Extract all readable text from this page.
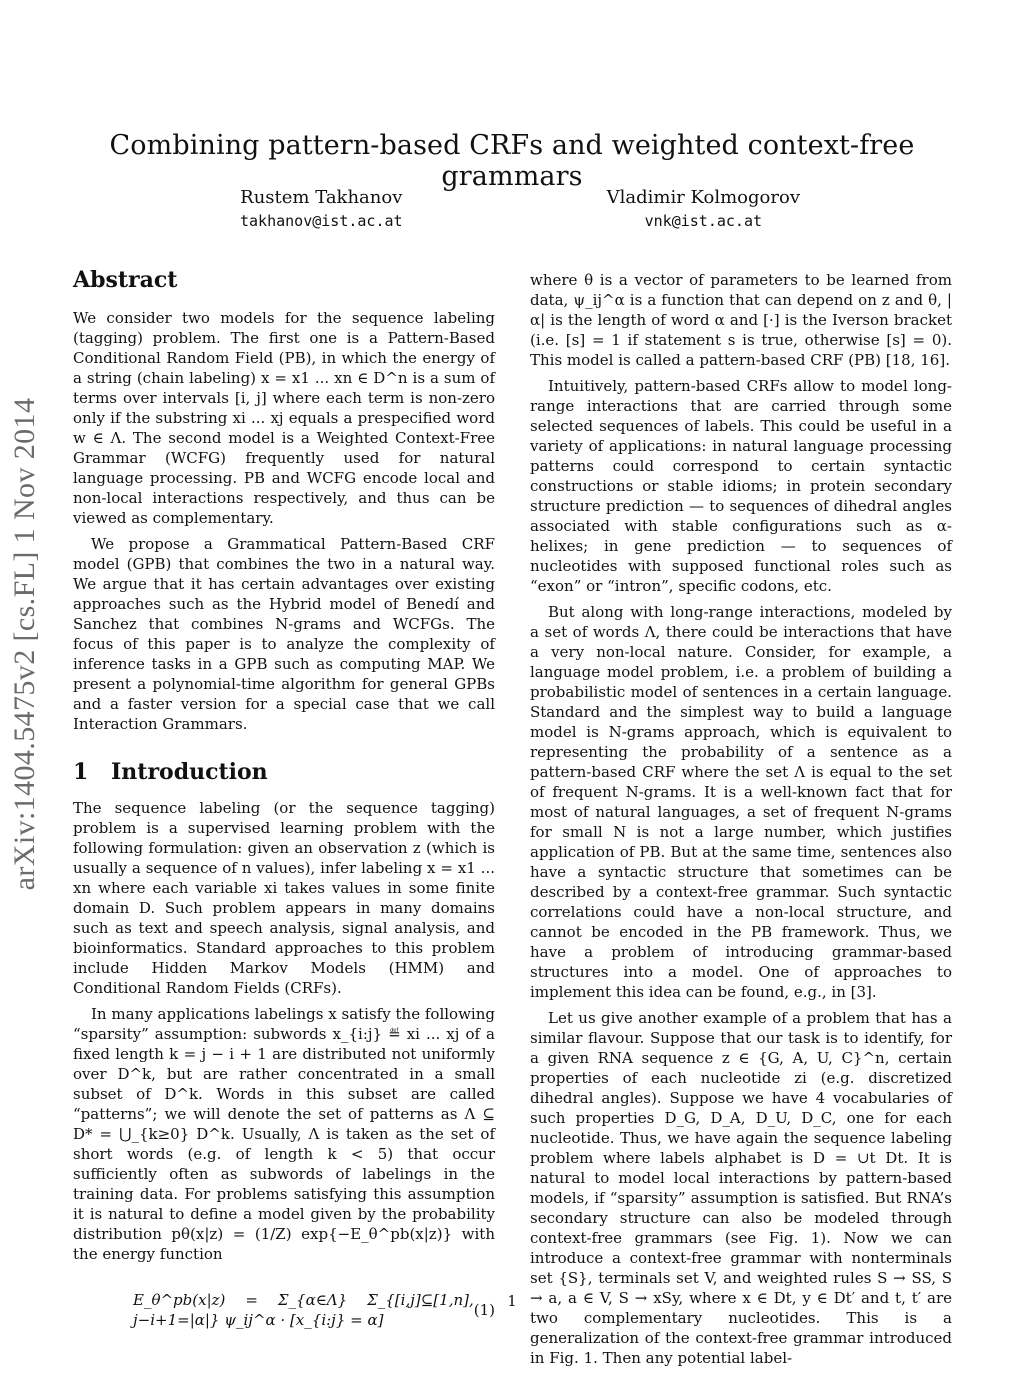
Combining pattern-based CRFs and weighted context-free grammars
Rustem Takhanov
takhanov@ist.ac.at
Vladimir Kolmogorov
vnk@ist.ac.at
arXiv:1404.5475v2 [cs.FL] 1 Nov 2014
Abstract

We consider two models for the sequence labeling (tagging) problem. The first one is a Pattern-Based Conditional Random Field (PB), in which the energy of a string (chain labeling) x = x1 ... xn ∈ D^n is a sum of terms over intervals [i, j] where each term is non-zero only if the substring xi ... xj equals a prespecified word w ∈ Λ. The second model is a Weighted Context-Free Grammar (WCFG) frequently used for natural language processing. PB and WCFG encode local and non-local interactions respectively, and thus can be viewed as complementary.

We propose a Grammatical Pattern-Based CRF model (GPB) that combines the two in a natural way. We argue that it has certain advantages over existing approaches such as the Hybrid model of Benedí and Sanchez that combines N-grams and WCFGs. The focus of this paper is to analyze the complexity of inference tasks in a GPB such as computing MAP. We present a polynomial-time algorithm for general GPBs and a faster version for a special case that we call Interaction Grammars.

1 Introduction

The sequence labeling (or the sequence tagging) problem is a supervised learning problem with the following formulation: given an observation z (which is usually a sequence of n values), infer labeling x = x1 ... xn where each variable xi takes values in some finite domain D. Such problem appears in many domains such as text and speech analysis, signal analysis, and bioinformatics. Standard approaches to this problem include Hidden Markov Models (HMM) and Conditional Random Fields (CRFs).

In many applications labelings x satisfy the following “sparsity” assumption: subwords x_{i:j} ≝ xi ... xj of a fixed length k = j − i + 1 are distributed not uniformly over D^k, but are rather concentrated in a small subset of D^k. Words in this subset are called “patterns”; we will denote the set of patterns as Λ ⊆ D* = ⋃_{k≥0} D^k. Usually, Λ is taken as the set of short words (e.g. of length k < 5) that occur sufficiently often as subwords of labelings in the training data. For problems satisfying this assumption it is natural to define a model given by the probability distribution pθ(x|z) = (1/Z) exp{−E_θ^pb(x|z)} with the energy function

E_θ^pb(x|z) = Σ_{α∈Λ} Σ_{[i,j]⊆[1,n], j−i+1=|α|} ψ_ij^α · [x_{i:j} = α]
(1)

where θ is a vector of parameters to be learned from data, ψ_ij^α is a function that can depend on z and θ, |α| is the length of word α and [·] is the Iverson bracket (i.e. [s] = 1 if statement s is true, otherwise [s] = 0). This model is called a pattern-based CRF (PB) [18, 16].

Intuitively, pattern-based CRFs allow to model long-range interactions that are carried through some selected sequences of labels. This could be useful in a variety of applications: in natural language processing patterns could correspond to certain syntactic constructions or stable idioms; in protein secondary structure prediction — to sequences of dihedral angles associated with stable configurations such as α-helixes; in gene prediction — to sequences of nucleotides with supposed functional roles such as “exon” or “intron”, specific codons, etc.

But along with long-range interactions, modeled by a set of words Λ, there could be interactions that have a very non-local nature. Consider, for example, a language model problem, i.e. a problem of building a probabilistic model of sentences in a certain language. Standard and the simplest way to build a language model is N-grams approach, which is equivalent to representing the probability of a sentence as a pattern-based CRF where the set Λ is equal to the set of frequent N-grams. It is a well-known fact that for most of natural languages, a set of frequent N-grams for small N is not a large number, which justifies application of PB. But at the same time, sentences also have a syntactic structure that sometimes can be described by a context-free grammar. Such syntactic correlations could have a non-local structure, and cannot be encoded in the PB framework. Thus, we have a problem of introducing grammar-based structures into a model. One of approaches to implement this idea can be found, e.g., in [3].

Let us give another example of a problem that has a similar flavour. Suppose that our task is to identify, for a given RNA sequence z ∈ {G, A, U, C}^n, certain properties of each nucleotide zi (e.g. discretized dihedral angles). Suppose we have 4 vocabularies of such properties D_G, D_A, D_U, D_C, one for each nucleotide. Thus, we have again the sequence labeling problem where labels alphabet is D = ∪t Dt. It is natural to model local interactions by pattern-based models, if “sparsity” assumption is satisfied. But RNA’s secondary structure can also be modeled through context-free grammars (see Fig. 1). Now we can introduce a context-free grammar with nonterminals set {S}, terminals set V, and weighted rules S → SS, S → a, a ∈ V, S → xSy, where x ∈ Dt, y ∈ Dt′ and t, t′ are two complementary nucleotides. This is a generalization of the context-free grammar introduced in Fig. 1. Then any potential label-

1
